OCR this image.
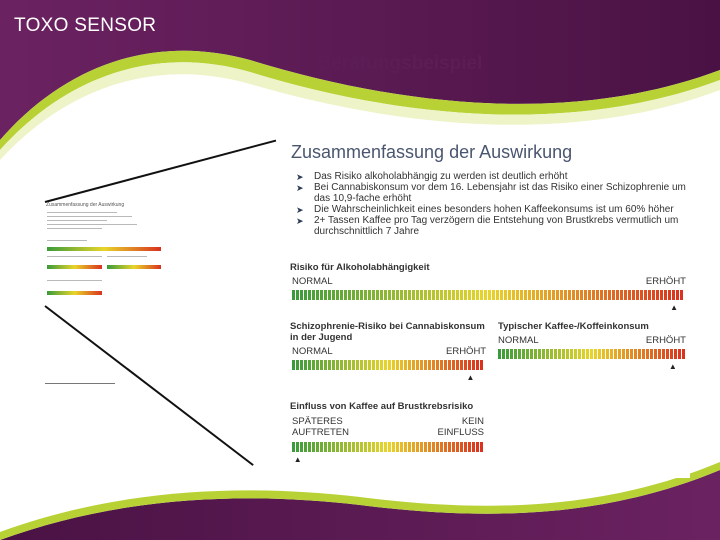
TOXO SENSOR
Beratungsbeispiel
Zusammenfassung der Auswirkung
Zusammenfassung der Auswirkung
➤ Das Risiko alkoholabhängig zu werden ist deutlich erhöht
➤ Bei Cannabiskonsum vor dem 16. Lebensjahr ist das Risiko einer Schizophrenie um das 10,9-fache erhöht
➤ Die Wahrscheinlichkeit eines besonders hohen Kaffeekonsums ist um 60% höher
➤ 2+ Tassen Kaffee pro Tag verzögern die Entstehung von Brustkrebs vermutlich um durchschnittlich 7 Jahre
Risiko für Alkoholabhängigkeit
NORMAL	ERHÖHT
▲
Schizophrenie-Risiko bei Cannabiskonsum in der Jugend
NORMAL	ERHÖHT
▲
Typischer Kaffee-/Koffeinkonsum
NORMAL	ERHÖHT
▲
Einfluss von Kaffee auf Brustkrebsrisiko
SPÄTERES AUFTRETEN
KEIN EINFLUSS
▲
